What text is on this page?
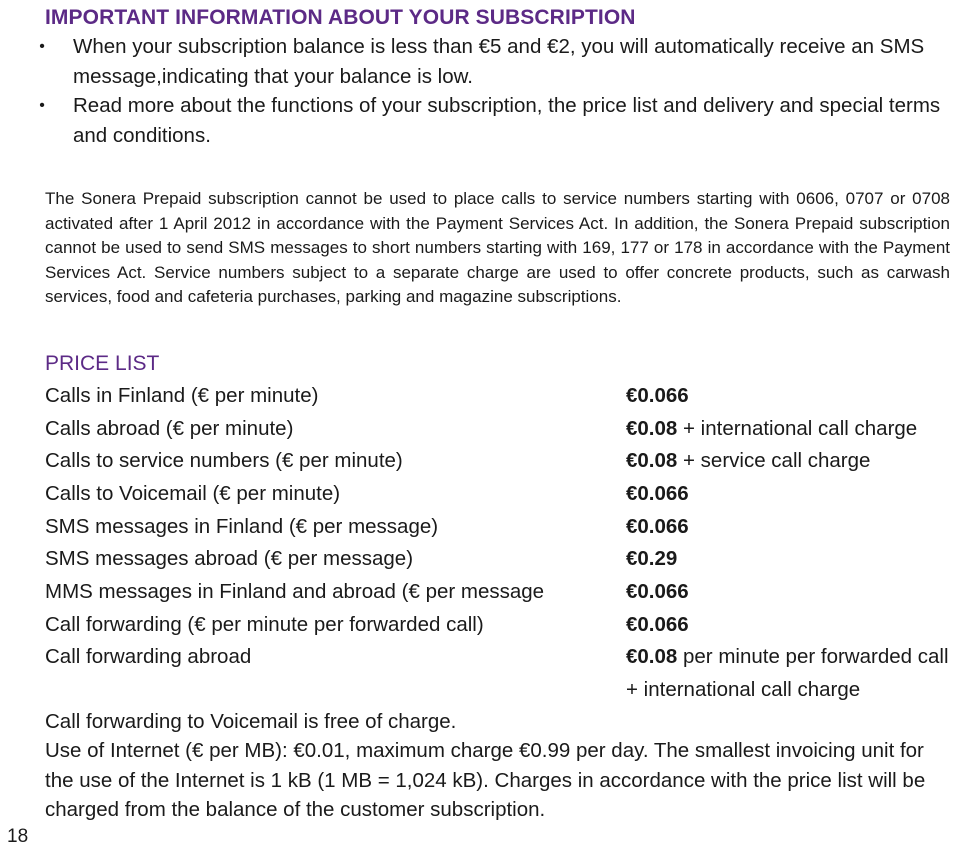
IMPORTANT INFORMATION ABOUT YOUR SUBSCRIPTION
•	When your subscription balance is less than €5 and €2, you will automatically receive an SMS message,indicating that your balance is low.
•	Read more about the functions of your subscription, the price list and delivery and special terms and conditions.

The Sonera Prepaid subscription cannot be used to place calls to service numbers starting with 0606, 0707 or 0708 activated after 1 April 2012 in accordance with the Payment Services Act. In addition, the Sonera Prepaid subscription cannot be used to send SMS messages to short numbers starting with 169, 177 or 178 in accordance with the Payment Services Act. Service numbers subject to a separate charge are used to offer concrete products, such as carwash services, food and cafeteria purchases, parking and magazine subscriptions.

PRICE LIST
Calls in Finland (€ per minute)	€0.066
Calls abroad (€ per minute)	€0.08 + international call charge
Calls to service numbers (€ per minute)	€0.08 + service call charge
Calls to Voicemail (€ per minute)	€0.066
SMS messages in Finland (€ per message)	€0.066
SMS messages abroad (€ per message)	€0.29
MMS messages in Finland and abroad (€ per message	€0.066
Call forwarding (€ per minute per forwarded call)	€0.066
Call forwarding abroad	€0.08 per minute per forwarded call + international call charge

Call forwarding to Voicemail is free of charge.

Use of Internet (€ per MB): €0.01, maximum charge €0.99 per day. The smallest invoicing unit for the use of the Internet is 1 kB (1 MB = 1,024 kB). Charges in accordance with the price list will be charged from the balance of the customer subscription.

18
